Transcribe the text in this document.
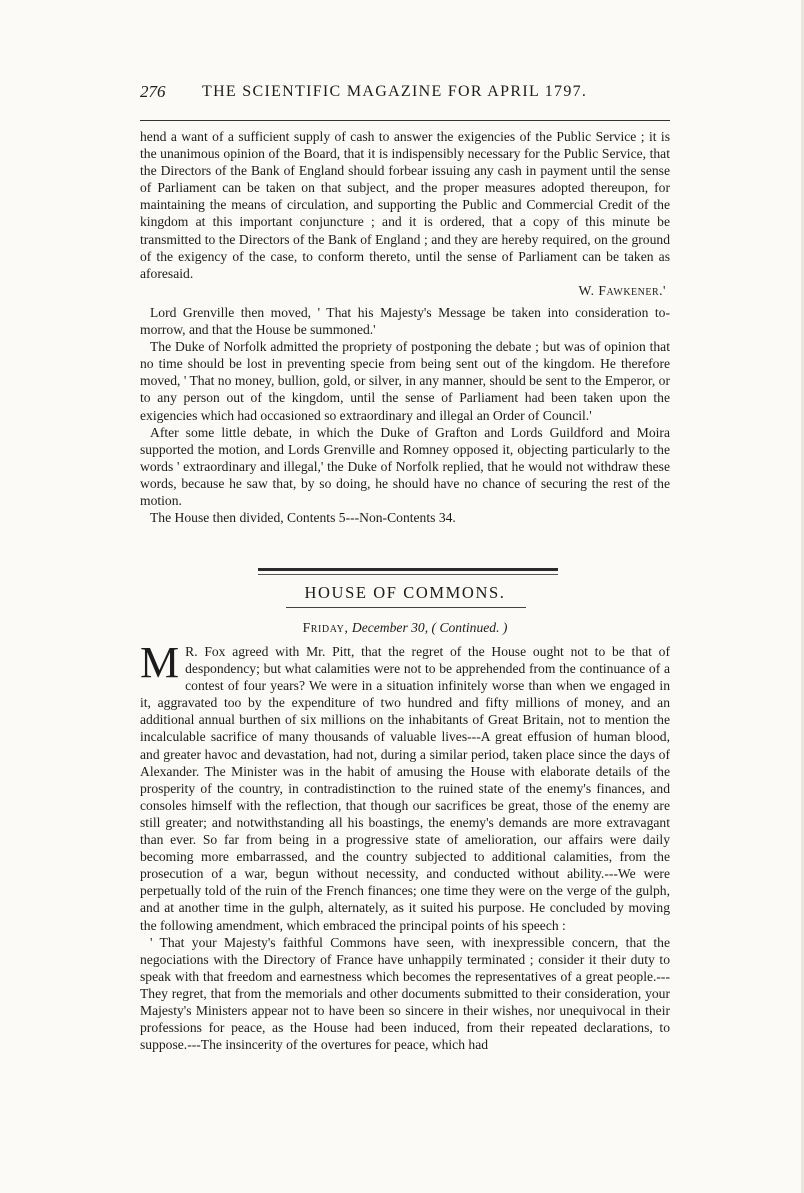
276	THE SCIENTIFIC MAGAZINE FOR APRIL 1797.

hend a want of a sufficient supply of cash to answer the exigencies of the Public Service ; it is the unanimous opinion of the Board, that it is indispensibly necessary for the Public Service, that the Directors of the Bank of England should forbear issuing any cash in payment until the sense of Parliament can be taken on that subject, and the proper measures adopted thereupon, for maintaining the means of circulation, and supporting the Public and Commercial Credit of the kingdom at this important conjuncture ; and it is ordered, that a copy of this minute be transmitted to the Directors of the Bank of England ; and they are hereby required, on the ground of the exigency of the case, to conform thereto, until the sense of Parliament can be taken as aforesaid.

W. Fawkener.'

Lord Grenville then moved, ' That his Majesty's Message be taken into consideration to-morrow, and that the House be summoned.'

The Duke of Norfolk admitted the propriety of postponing the debate ; but was of opinion that no time should be lost in preventing specie from being sent out of the kingdom. He therefore moved, ' That no money, bullion, gold, or silver, in any manner, should be sent to the Emperor, or to any person out of the kingdom, until the sense of Parliament had been taken upon the exigencies which had occasioned so extraordinary and illegal an Order of Council.'

After some little debate, in which the Duke of Grafton and Lords Guildford and Moira supported the motion, and Lords Grenville and Romney opposed it, objecting particularly to the words ' extraordinary and illegal,' the Duke of Norfolk replied, that he would not withdraw these words, because he saw that, by so doing, he should have no chance of securing the rest of the motion.

The House then divided, Contents 5---Non-Contents 34.

HOUSE OF COMMONS.
Friday, December 30, ( Continued. )

M R. Fox agreed with Mr. Pitt, that the regret of the House ought not to be that of despondency; but what calamities were not to be apprehended from the continuance of a contest of four years? We were in a situation infinitely worse than when we engaged in it, aggravated too by the expenditure of two hundred and fifty millions of money, and an additional annual burthen of six millions on the inhabitants of Great Britain, not to mention the incalculable sacrifice of many thousands of valuable lives---A great effusion of human blood, and greater havoc and devastation, had not, during a similar period, taken place since the days of Alexander. The Minister was in the habit of amusing the House with elaborate details of the prosperity of the country, in contradistinction to the ruined state of the enemy's finances, and consoles himself with the reflection, that though our sacrifices be great, those of the enemy are still greater; and notwithstanding all his boastings, the enemy's demands are more extravagant than ever. So far from being in a progressive state of amelioration, our affairs were daily becoming more embarrassed, and the country subjected to additional calamities, from the prosecution of a war, begun without necessity, and conducted without ability.---We were perpetually told of the ruin of the French finances; one time they were on the verge of the gulph, and at another time in the gulph, alternately, as it suited his purpose. He concluded by moving the following amendment, which embraced the principal points of his speech :

' That your Majesty's faithful Commons have seen, with inexpressible concern, that the negociations with the Directory of France have unhappily terminated ; consider it their duty to speak with that freedom and earnestness which becomes the representatives of a great people.---They regret, that from the memorials and other documents submitted to their consideration, your Majesty's Ministers appear not to have been so sincere in their wishes, nor unequivocal in their professions for peace, as the House had been induced, from their repeated declarations, to suppose.---The insincerity of the overtures for peace, which had
